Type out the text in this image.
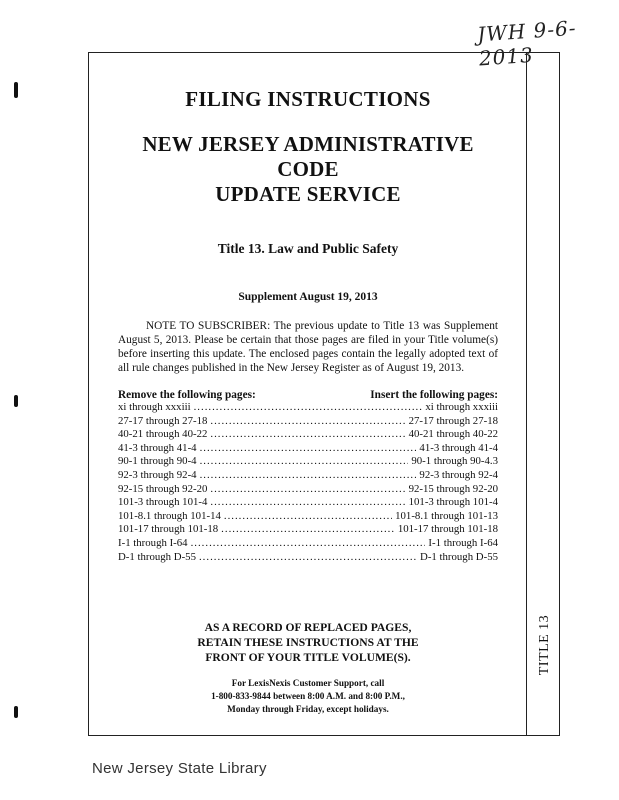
JWH 9-6-2013
FILING INSTRUCTIONS
NEW JERSEY ADMINISTRATIVE CODE
UPDATE SERVICE
Title 13. Law and Public Safety
Supplement August 19, 2013
NOTE TO SUBSCRIBER: The previous update to Title 13 was Supplement August 5, 2013. Please be certain that those pages are filed in your Title volume(s) before inserting this update. The enclosed pages contain the legally adopted text of all rule changes published in the New Jersey Register as of August 19, 2013.
Remove the following pages:	Insert the following pages:
xi through xxxiii .....	xi through xxxiii
27-17 through 27-18 .....	27-17 through 27-18
40-21 through 40-22 .....	40-21 through 40-22
41-3 through 41-4 .....	41-3 through 41-4
90-1 through 90-4 .....	90-1 through 90-4.3
92-3 through 92-4 .....	92-3 through 92-4
92-15 through 92-20 .....	92-15 through 92-20
101-3 through 101-4 .....	101-3 through 101-4
101-8.1 through 101-14 .....	101-8.1 through 101-13
101-17 through 101-18 .....	101-17 through 101-18
I-1 through I-64 .....	I-1 through I-64
D-1 through D-55 .....	D-1 through D-55
AS A RECORD OF REPLACED PAGES,
RETAIN THESE INSTRUCTIONS AT THE
FRONT OF YOUR TITLE VOLUME(S).
For LexisNexis Customer Support, call
1-800-833-9844 between 8:00 A.M. and 8:00 P.M.,
Monday through Friday, except holidays.
TITLE 13
New Jersey State Library
